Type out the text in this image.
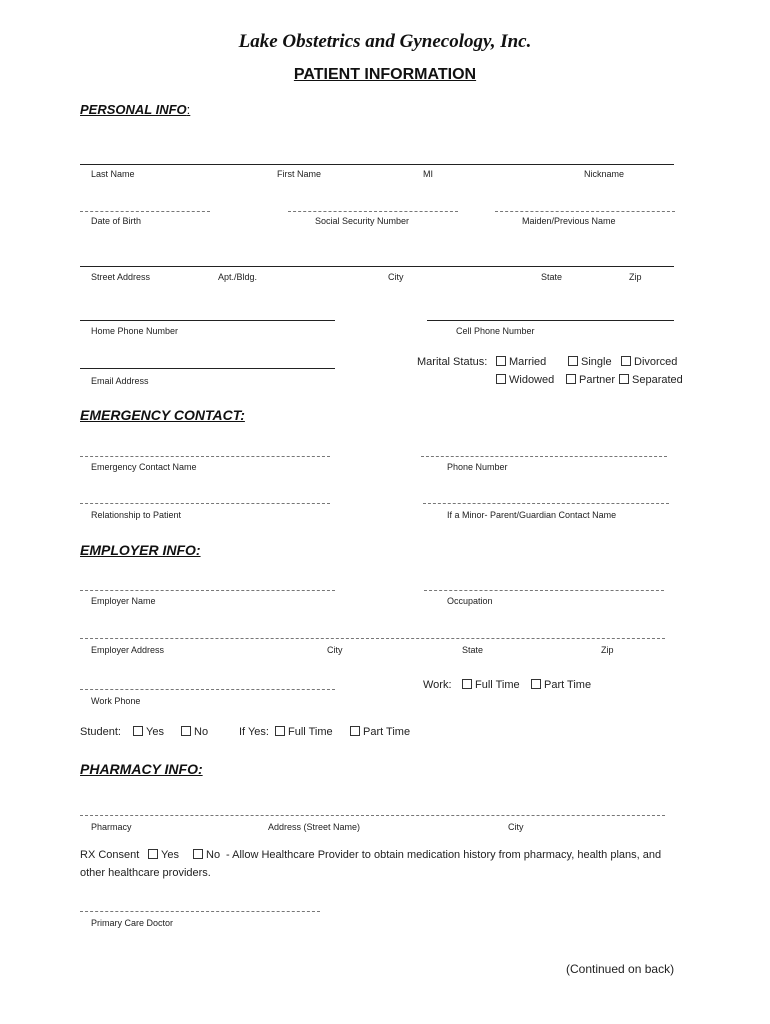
Lake Obstetrics and Gynecology, Inc.
PATIENT INFORMATION
PERSONAL INFO:
Last Name	First Name	MI	Nickname
Date of Birth	Social Security Number	Maiden/Previous Name
Street Address	Apt./Bldg.	City	State	Zip
Home Phone Number	Cell Phone Number
Email Address
Marital Status:	Married	Single	Divorced
Widowed	Partner	Separated
EMERGENCY CONTACT:
Emergency Contact Name	Phone Number
Relationship to Patient	If a Minor- Parent/Guardian Contact Name
EMPLOYER INFO:
Employer Name	Occupation
Employer Address	City	State	Zip
Work Phone
Work:	Full Time	Part Time
Student:	Yes	No	If Yes:	Full Time	Part Time
PHARMACY INFO:
Pharmacy	Address (Street Name)	City
RX Consent	Yes	No - Allow Healthcare Provider to obtain medication history from pharmacy, health plans, and
other healthcare providers.
Primary Care Doctor
(Continued on back)
